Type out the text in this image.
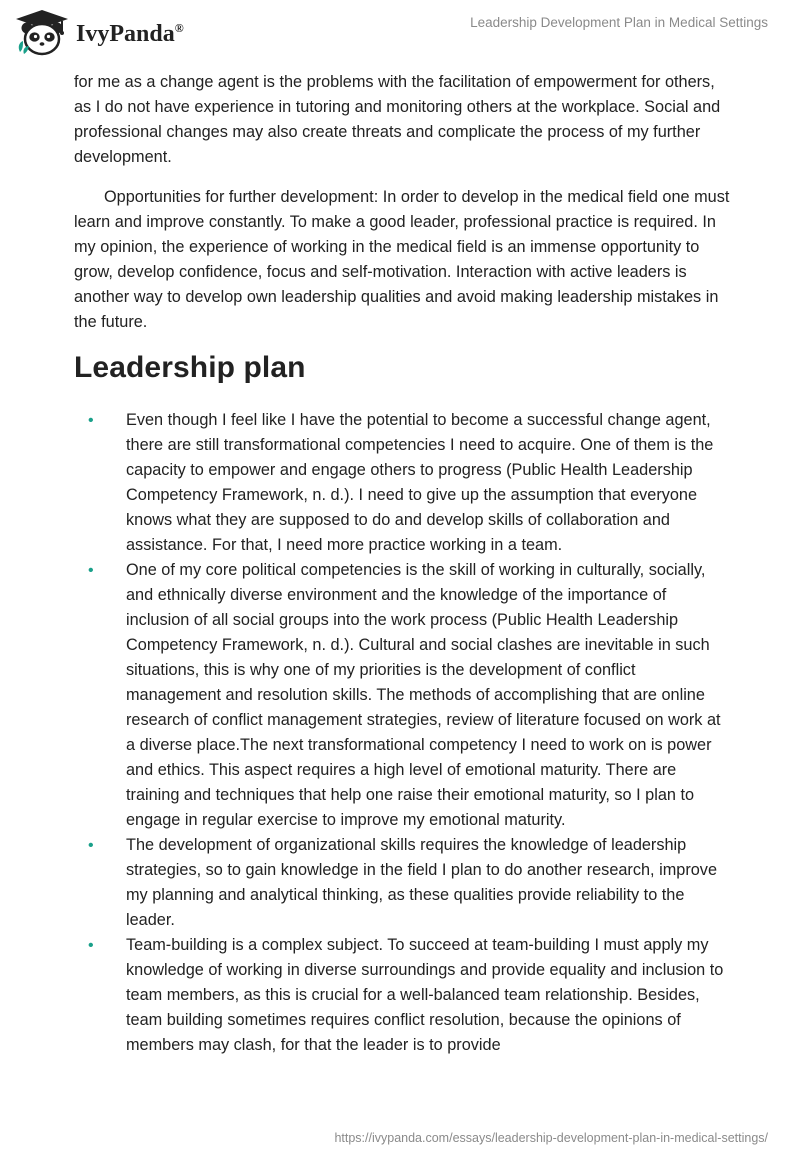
IvyPanda®	Leadership Development Plan in Medical Settings

for me as a change agent is the problems with the facilitation of empowerment for others, as I do not have experience in tutoring and monitoring others at the workplace. Social and professional changes may also create threats and complicate the process of my further development.

Opportunities for further development: In order to develop in the medical field one must learn and improve constantly. To make a good leader, professional practice is required. In my opinion, the experience of working in the medical field is an immense opportunity to grow, develop confidence, focus and self-motivation. Interaction with active leaders is another way to develop own leadership qualities and avoid making leadership mistakes in the future.

Leadership plan
• Even though I feel like I have the potential to become a successful change agent, there are still transformational competencies I need to acquire. One of them is the capacity to empower and engage others to progress (Public Health Leadership Competency Framework, n. d.). I need to give up the assumption that everyone knows what they are supposed to do and develop skills of collaboration and assistance. For that, I need more practice working in a team.
• One of my core political competencies is the skill of working in culturally, socially, and ethnically diverse environment and the knowledge of the importance of inclusion of all social groups into the work process (Public Health Leadership Competency Framework, n. d.). Cultural and social clashes are inevitable in such situations, this is why one of my priorities is the development of conflict management and resolution skills. The methods of accomplishing that are online research of conflict management strategies, review of literature focused on work at a diverse place.The next transformational competency I need to work on is power and ethics. This aspect requires a high level of emotional maturity. There are training and techniques that help one raise their emotional maturity, so I plan to engage in regular exercise to improve my emotional maturity.
• The development of organizational skills requires the knowledge of leadership strategies, so to gain knowledge in the field I plan to do another research, improve my planning and analytical thinking, as these qualities provide reliability to the leader.
• Team-building is a complex subject. To succeed at team-building I must apply my knowledge of working in diverse surroundings and provide equality and inclusion to team members, as this is crucial for a well-balanced team relationship. Besides, team building sometimes requires conflict resolution, because the opinions of members may clash, for that the leader is to provide
https://ivypanda.com/essays/leadership-development-plan-in-medical-settings/
